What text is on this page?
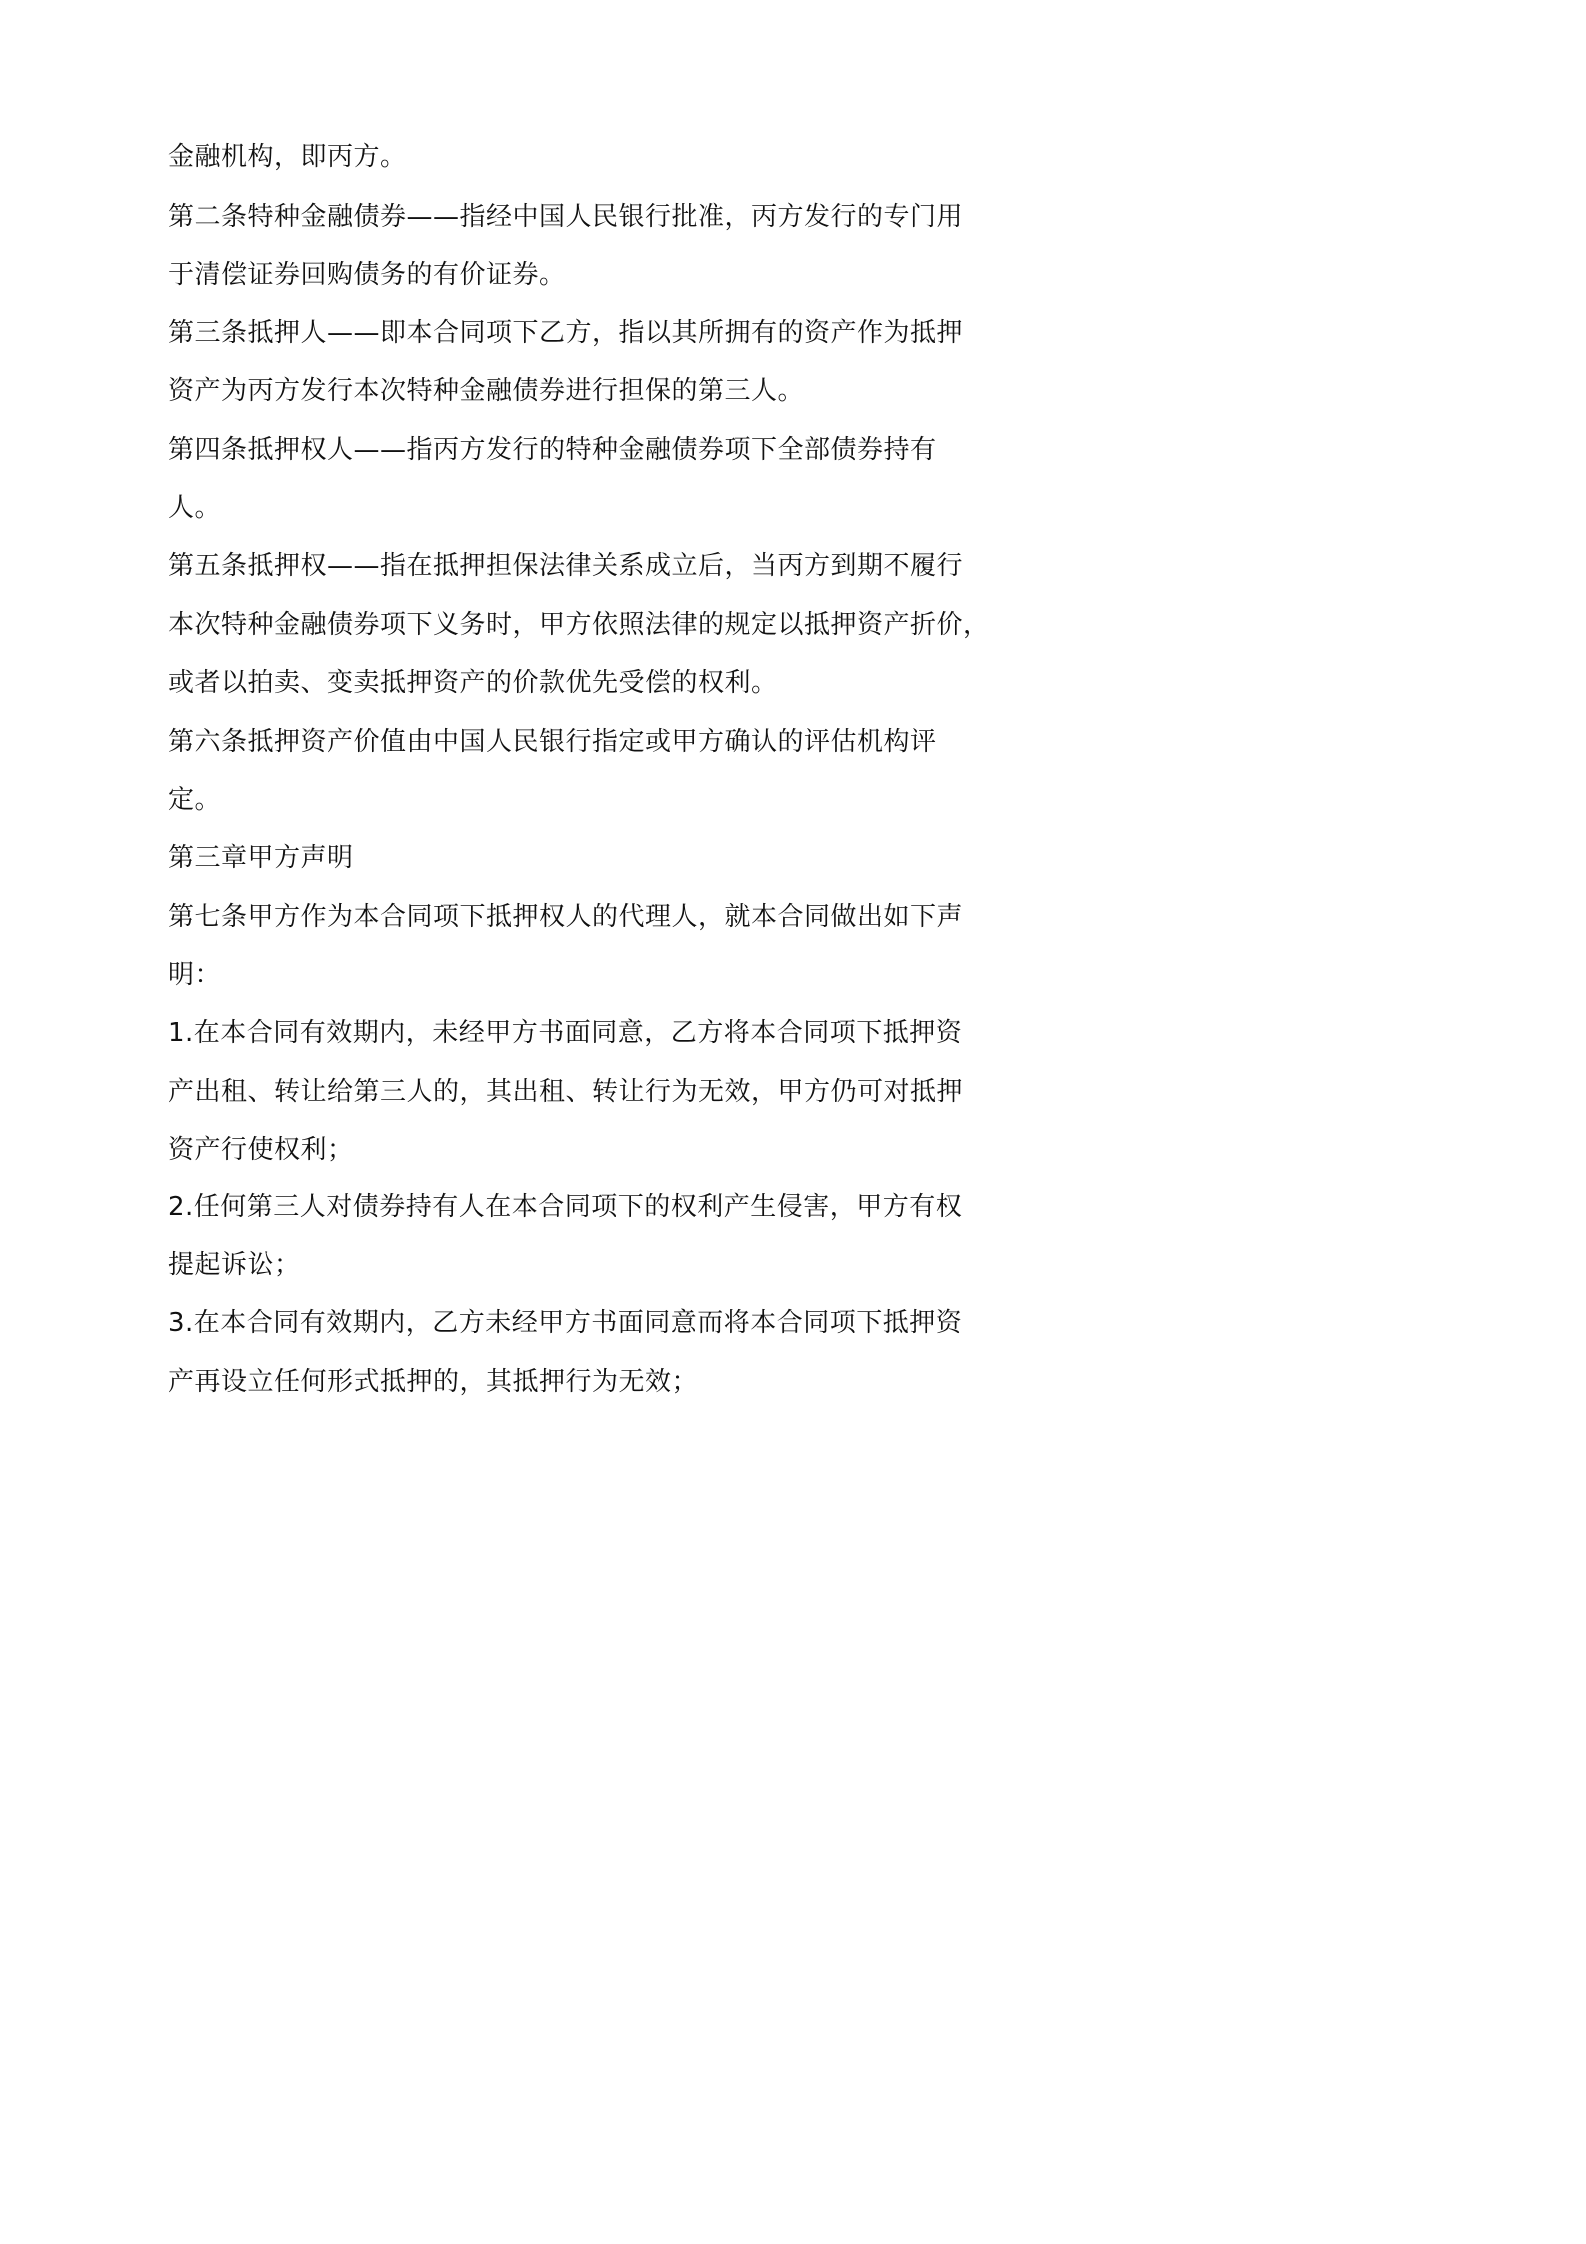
金融机构，即丙方。
第二条特种金融债券——指经中国人民银行批准，丙方发行的专门用
于清偿证券回购债务的有价证券。
第三条抵押人——即本合同项下乙方，指以其所拥有的资产作为抵押
资产为丙方发行本次特种金融债券进行担保的第三人。
第四条抵押权人——指丙方发行的特种金融债券项下全部债券持有
人。
第五条抵押权——指在抵押担保法律关系成立后，当丙方到期不履行
本次特种金融债券项下义务时，甲方依照法律的规定以抵押资产折价，
或者以拍卖、变卖抵押资产的价款优先受偿的权利。
第六条抵押资产价值由中国人民银行指定或甲方确认的评估机构评
定。
第三章甲方声明
第七条甲方作为本合同项下抵押权人的代理人，就本合同做出如下声
明：
1.在本合同有效期内，未经甲方书面同意，乙方将本合同项下抵押资
产出租、转让给第三人的，其出租、转让行为无效，甲方仍可对抵押
资产行使权利；
2.任何第三人对债券持有人在本合同项下的权利产生侵害，甲方有权
提起诉讼；
3.在本合同有效期内，乙方未经甲方书面同意而将本合同项下抵押资
产再设立任何形式抵押的，其抵押行为无效；
